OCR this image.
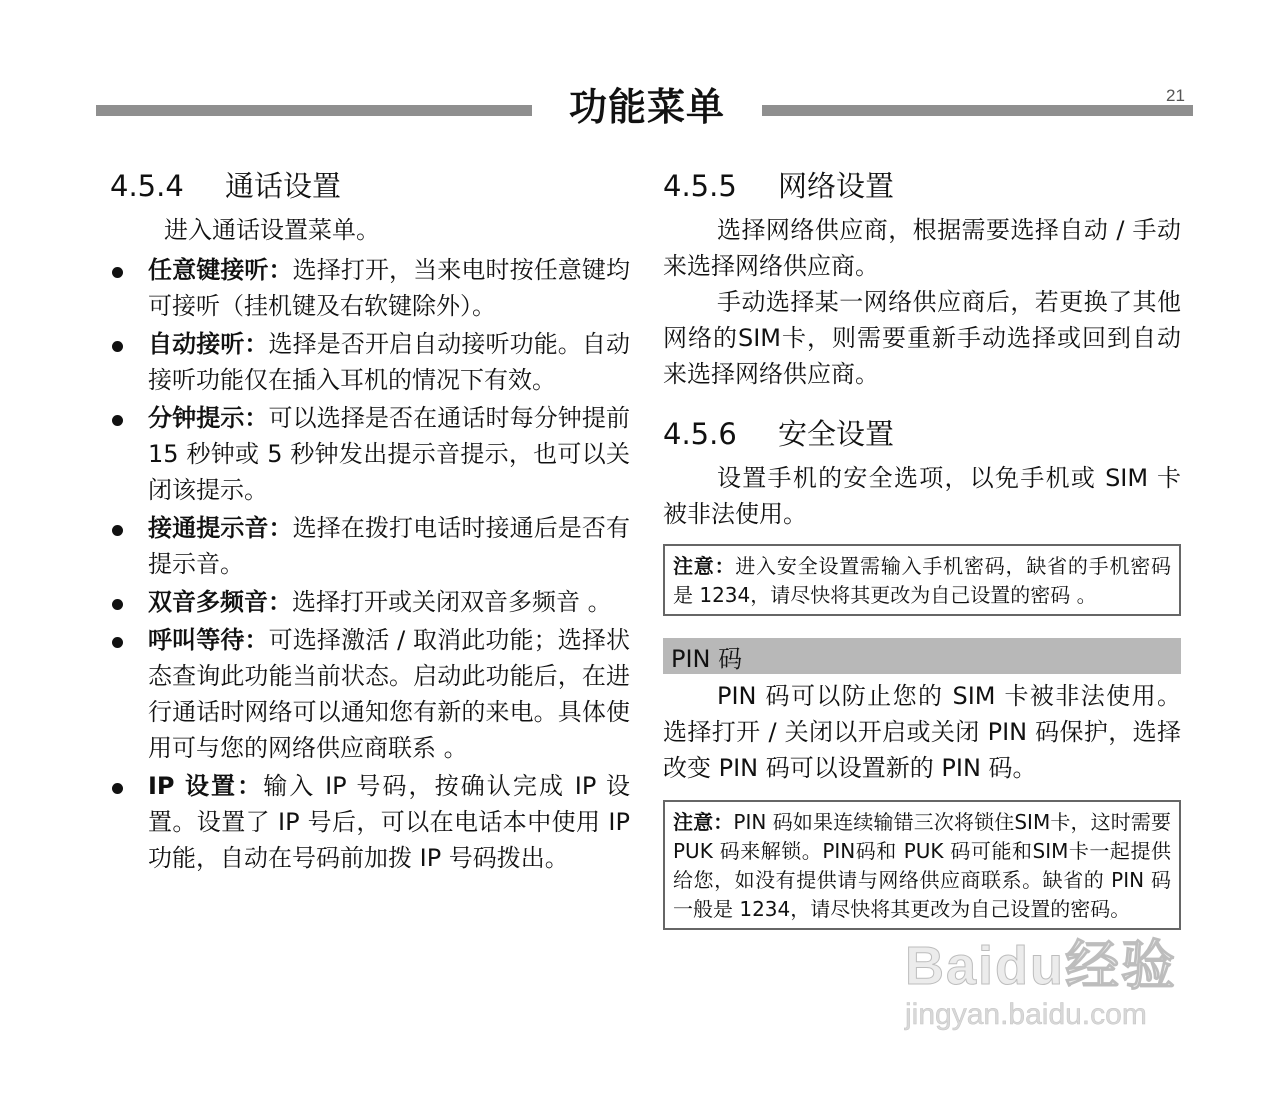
功能菜单	21
4.5.4	通话设置

进入通话设置菜单。

任意键接听：选择打开，当来电时按任意键均可接听（挂机键及右软键除外）。
自动接听：选择是否开启自动接听功能。自动接听功能仅在插入耳机的情况下有效。
分钟提示：可以选择是否在通话时每分钟提前 15 秒钟或 5 秒钟发出提示音提示，也可以关闭该提示。
接通提示音：选择在拨打电话时接通后是否有提示音。
双音多频音：选择打开或关闭双音多频音 。
呼叫等待：可选择激活 / 取消此功能；选择状态查询此功能当前状态。启动此功能后，在进行通话时网络可以通知您有新的来电。具体使用可与您的网络供应商联系 。
IP 设置：输入 IP 号码，按确认完成 IP 设置。设置了 IP 号后，可以在电话本中使用 IP 功能，自动在号码前加拨 IP 号码拨出。
4.5.5	网络设置

选择网络供应商，根据需要选择自动 / 手动来选择网络供应商。

手动选择某一网络供应商后，若更换了其他网络的SIM卡，则需要重新手动选择或回到自动来选择网络供应商。

4.5.6	安全设置

设置手机的安全选项，以免手机或 SIM 卡被非法使用。

注意：进入安全设置需输入手机密码，缺省的手机密码是 1234，请尽快将其更改为自己设置的密码 。
PIN 码

PIN 码可以防止您的 SIM 卡被非法使用。选择打开 / 关闭以开启或关闭 PIN 码保护，选择改变 PIN 码可以设置新的 PIN 码。

注意：PIN 码如果连续输错三次将锁住SIM卡，这时需要PUK 码来解锁。PIN码和 PUK 码可能和SIM卡一起提供给您，如没有提供请与网络供应商联系。缺省的 PIN 码一般是 1234，请尽快将其更改为自己设置的密码。
Baidu经验
jingyan.baidu.com
